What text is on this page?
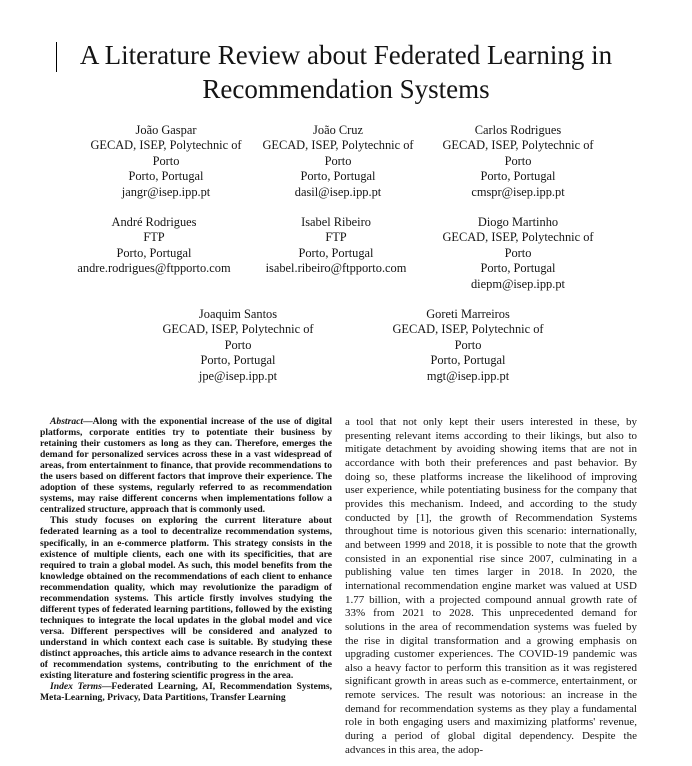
A Literature Review about Federated Learning in Recommendation Systems
João Gaspar
GECAD, ISEP, Polytechnic of
Porto
Porto, Portugal
jangr@isep.ipp.pt
João Cruz
GECAD, ISEP, Polytechnic of
Porto
Porto, Portugal
dasil@isep.ipp.pt
Carlos Rodrigues
GECAD, ISEP, Polytechnic of
Porto
Porto, Portugal
cmspr@isep.ipp.pt
André Rodrigues
FTP
Porto, Portugal
andre.rodrigues@ftpporto.com
Isabel Ribeiro
FTP
Porto, Portugal
isabel.ribeiro@ftpporto.com
Diogo Martinho
GECAD, ISEP, Polytechnic of
Porto
Porto, Portugal
diepm@isep.ipp.pt
Joaquim Santos
GECAD, ISEP, Polytechnic of
Porto
Porto, Portugal
jpe@isep.ipp.pt
Goreti Marreiros
GECAD, ISEP, Polytechnic of
Porto
Porto, Portugal
mgt@isep.ipp.pt

Abstract—Along with the exponential increase of the use of digital platforms, corporate entities try to potentiate their business by retaining their customers as long as they can. Therefore, emerges the demand for personalized services across these in a vast widespread of areas, from entertainment to finance, that provide recommendations to the users based on different factors that improve their experience. The adoption of these systems, regularly referred to as recommendation systems, may raise different concerns when implementations follow a centralized structure, approach that is commonly used.

This study focuses on exploring the current literature about federated learning as a tool to decentralize recommendation systems, specifically, in an e-commerce platform. This strategy consists in the existence of multiple clients, each one with its specificities, that are required to train a global model. As such, this model benefits from the knowledge obtained on the recommendations of each client to enhance recommendation quality, which may revolutionize the paradigm of recommendation systems. This article firstly involves studying the different types of federated learning partitions, followed by the existing techniques to integrate the local updates in the global model and vice versa. Different perspectives will be considered and analyzed to understand in which context each case is suitable. By studying these distinct approaches, this article aims to advance research in the context of recommendation systems, contributing to the enrichment of the existing literature and fostering scientific progress in the area.

Index Terms—Federated Learning, AI, Recommendation Systems, Meta-Learning, Privacy, Data Partitions, Transfer Learning

a tool that not only kept their users interested in these, by presenting relevant items according to their likings, but also to mitigate detachment by avoiding showing items that are not in accordance with both their preferences and past behavior. By doing so, these platforms increase the likelihood of improving user experience, while potentiating business for the company that provides this mechanism. Indeed, and according to the study conducted by [1], the growth of Recommendation Systems throughout time is notorious given this scenario: internationally, and between 1999 and 2018, it is possible to note that the growth consisted in an exponential rise since 2007, culminating in a publishing value ten times larger in 2018. In 2020, the international recommendation engine market was valued at USD 1.77 billion, with a projected compound annual growth rate of 33% from 2021 to 2028. This unprecedented demand for solutions in the area of recommendation systems was fueled by the rise in digital transformation and a growing emphasis on upgrading customer experiences. The COVID-19 pandemic was also a heavy factor to perform this transition as it was registered significant growth in areas such as e-commerce, entertainment, or remote services. The result was notorious: an increase in the demand for recommendation systems as they play a fundamental role in both engaging users and maximizing platforms' revenue, during a period of global digital dependency. Despite the advances in this area, the adop-
